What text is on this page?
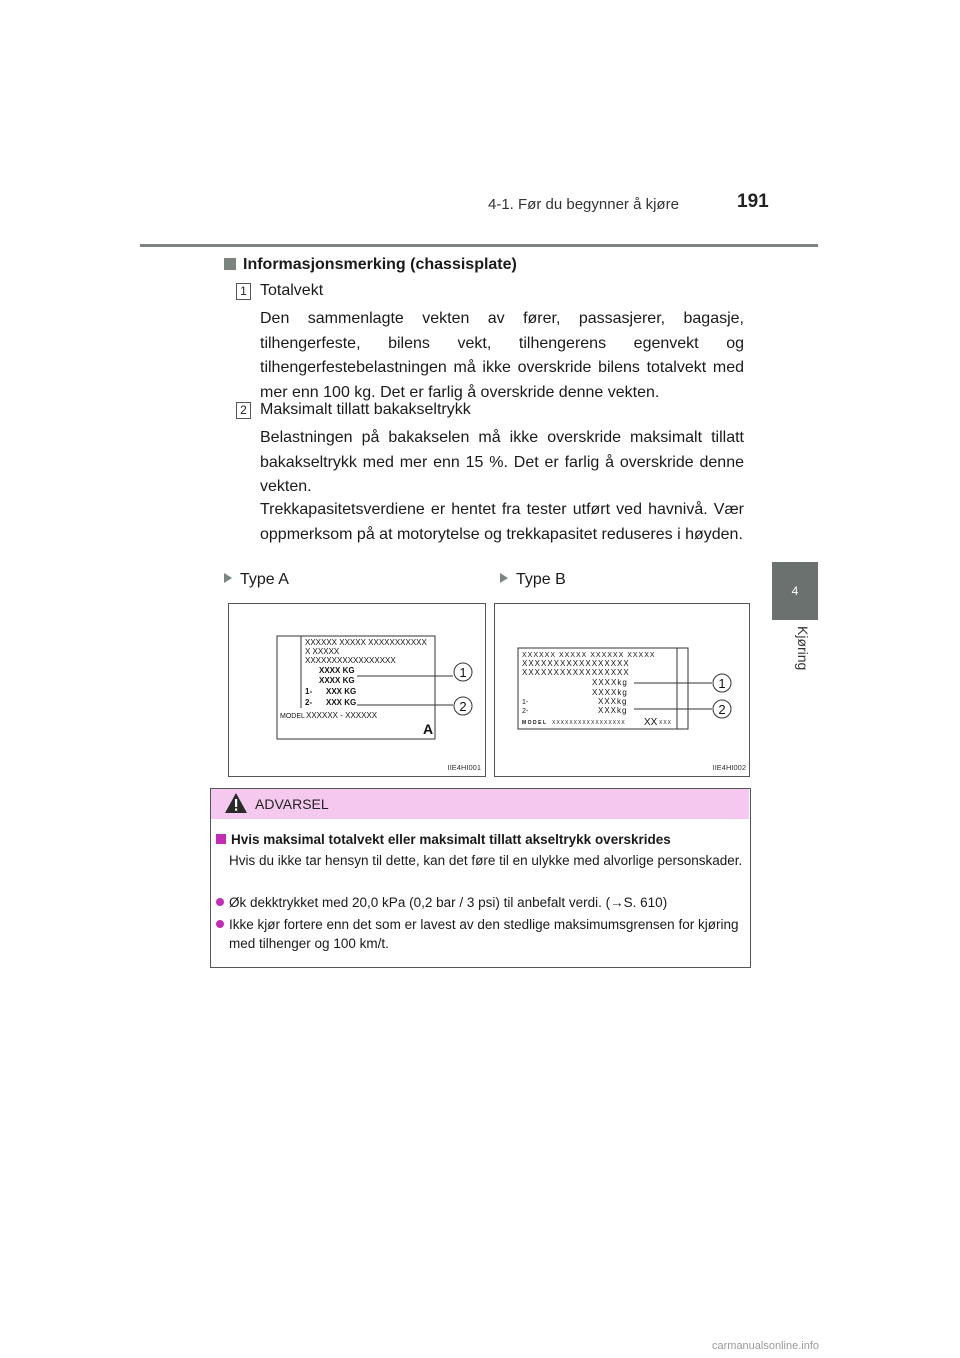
4-1. Før du begynner å kjøre	191
4
Kjøring
Informasjonsmerking (chassisplate)
1 Totalvekt
Den sammenlagte vekten av fører, passasjerer, bagasje, tilhengerfeste, bilens vekt, tilhengerens egenvekt og tilhengerfestebelastningen må ikke overskride bilens totalvekt med mer enn 100 kg. Det er farlig å overskride denne vekten.
2 Maksimalt tillatt bakakseltrykk
Belastningen på bakakselen må ikke overskride maksimalt tillatt bakakseltrykk med mer enn 15 %. Det er farlig å overskride denne vekten.
Trekkapasitetsverdiene er hentet fra tester utført ved havnivå. Vær oppmerksom på at motorytelse og trekkapasitet reduseres i høyden.
Type A	Type B
XXXXXX XXXXX XXXXXXXXXXX
X XXXXX
XXXXXXXXXXXXXXXXX
XXXX KG
XXXX KG
1- XXX KG
2- XXX KG
MODEL XXXXXX - XXXXXX
A
1
2
IIE4HI001
XXXXXX XXXXX XXXXXX XXXXX
XXXXXXXXXXXXXXXXX
XXXXXXXXXXXXXXXXX
XXXXkg
XXXXkg
1-	XXXkg
2-	XXXkg
MODEL XXXXXXXXXXXXXXXXX XX XXX
1
2
IIE4HI002
ADVARSEL
Hvis maksimal totalvekt eller maksimalt tillatt akseltrykk overskrides
Hvis du ikke tar hensyn til dette, kan det føre til en ulykke med alvorlige personskader.
Øk dekktrykket med 20,0 kPa (0,2 bar / 3 psi) til anbefalt verdi. (→S. 610)
Ikke kjør fortere enn det som er lavest av den stedlige maksimumsgrensen for kjøring med tilhenger og 100 km/t.
carmanualsonline.info
